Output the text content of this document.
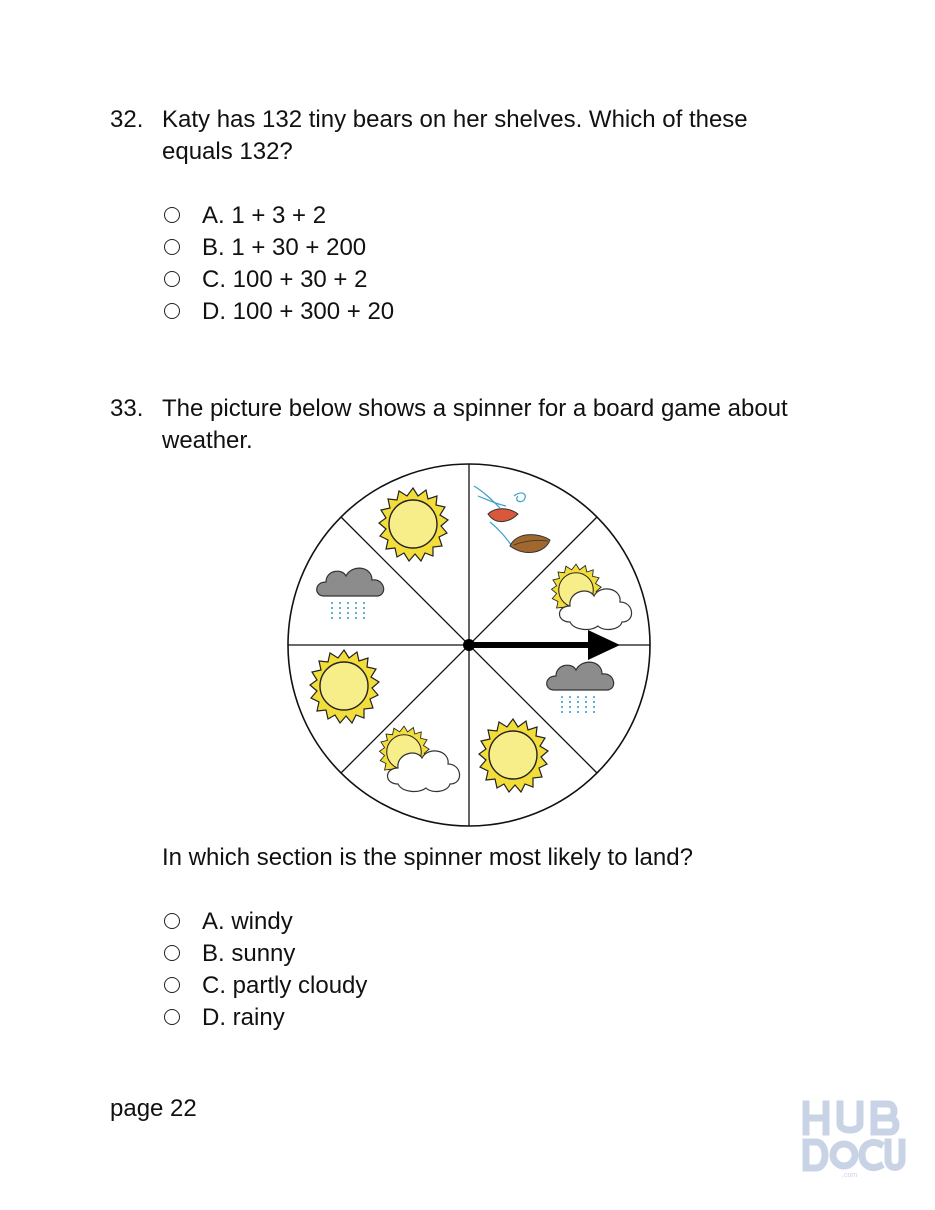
32. Katy has 132 tiny bears on her shelves. Which of these equals 132?
A. 1 + 3 + 2
B. 1 + 30 + 200
C. 100 + 30 + 2
D. 100 + 300 + 20
33. The picture below shows a spinner for a board game about weather.
In which section is the spinner most likely to land?
A. windy
B. sunny
C. partly cloudy
D. rainy
page 22
.com
